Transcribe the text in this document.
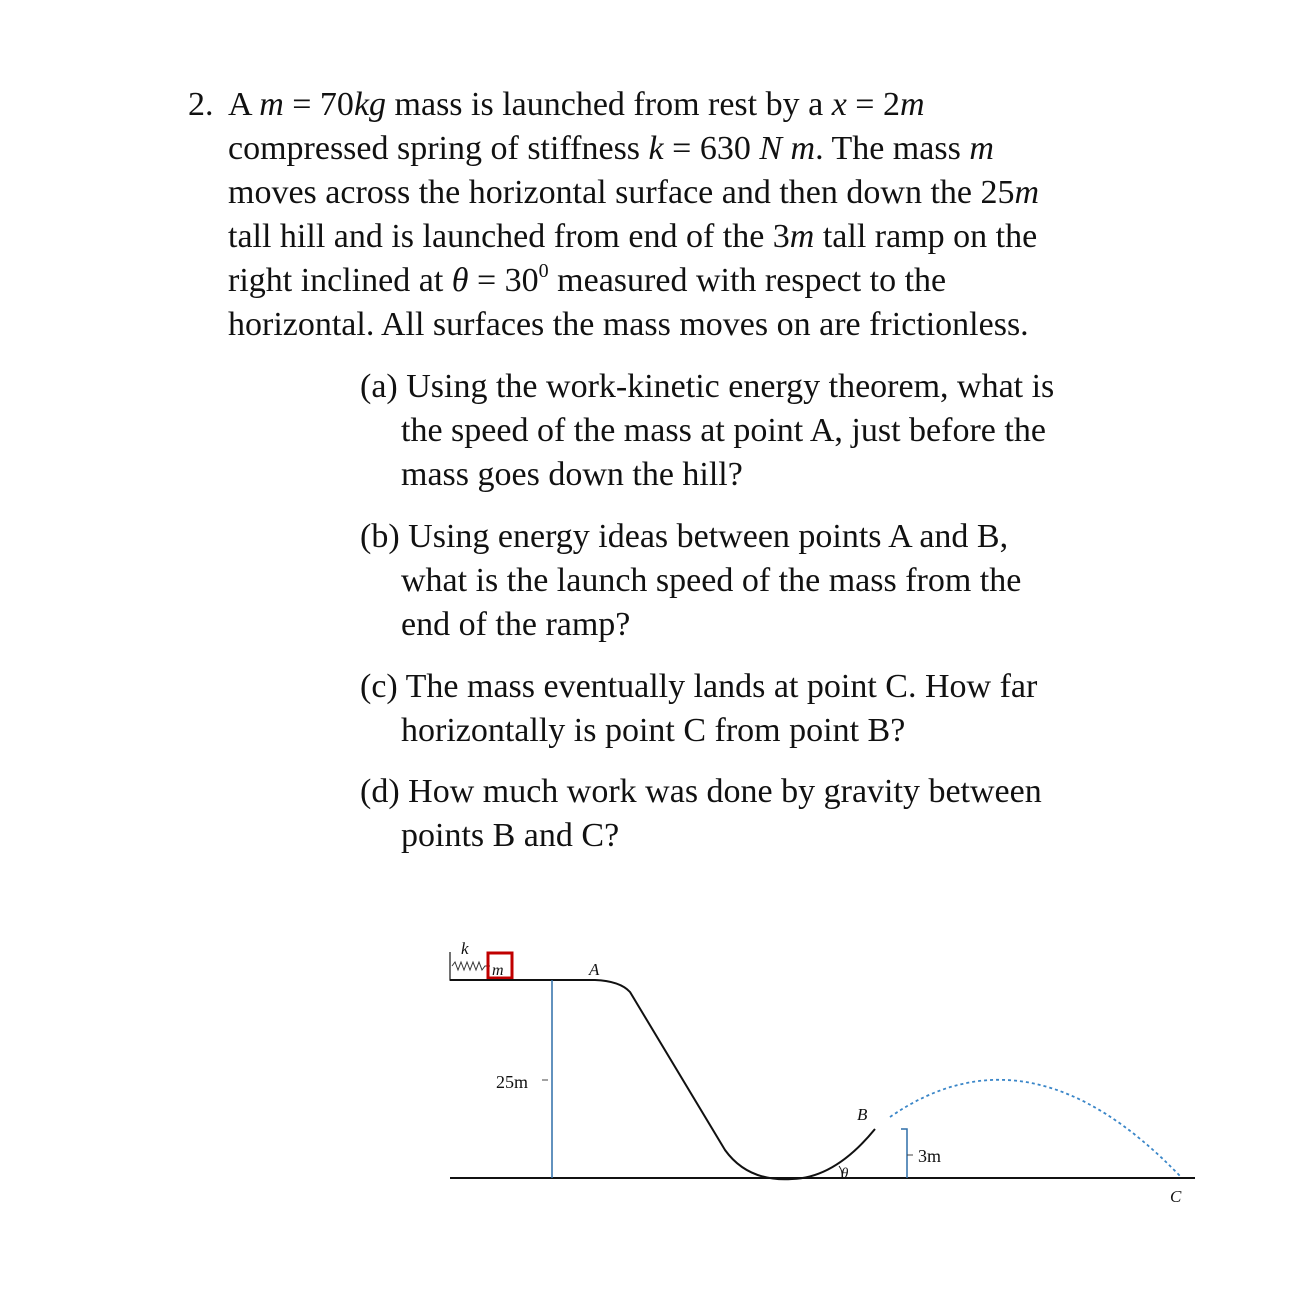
2. A m = 70kg mass is launched from rest by a x = 2m
compressed spring of stiffness k = 630 N m. The mass m
moves across the horizontal surface and then down the 25m
tall hill and is launched from end of the 3m tall ramp on the
right inclined at $\theta = 30^0$ measured with respect to the
horizontal. All surfaces the mass moves on are frictionless.
(a) Using the work-kinetic energy theorem, what is
the speed of the mass at point A, just before the
mass goes down the hill?
(b) Using energy ideas between points A and B,
what is the launch speed of the mass from the
end of the ramp?
(c) The mass eventually lands at point C. How far
horizontally is point C from point B?
(d) How much work was done by gravity between
points B and C?
k
m	A
25m
θ
B
3m
C
